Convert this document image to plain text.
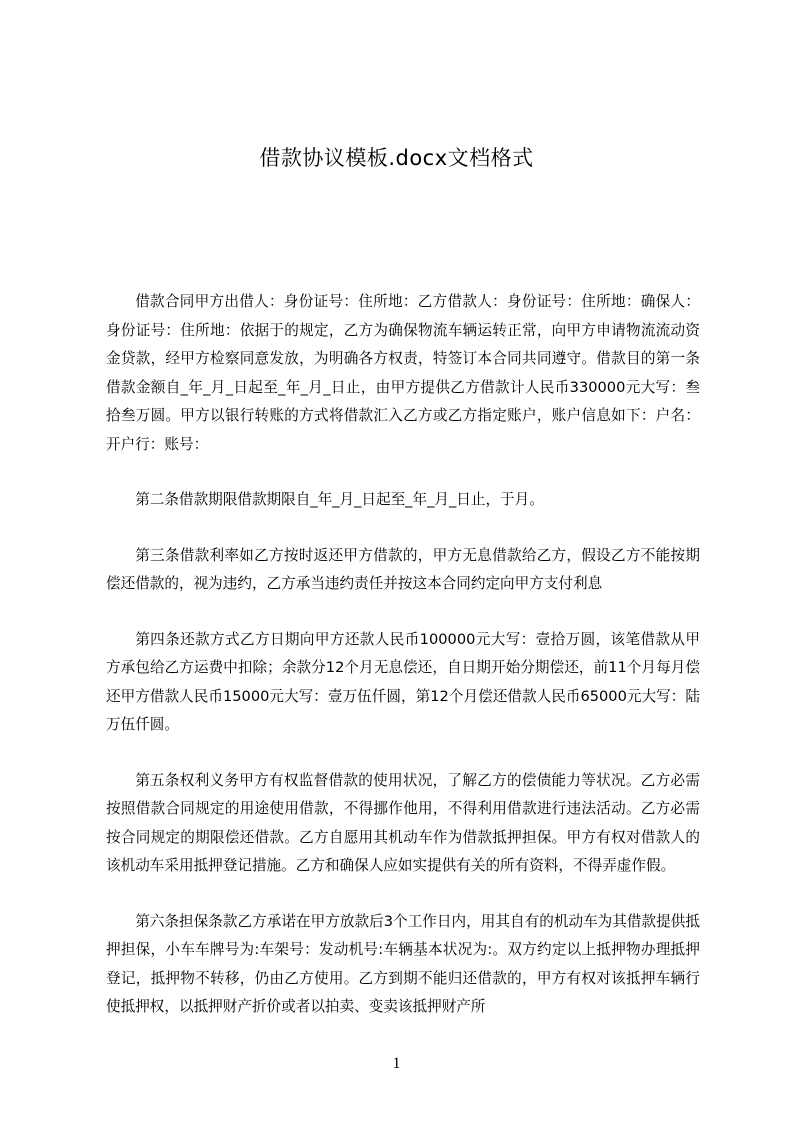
借款协议模板.docx文档格式

借款合同甲方出借人：身份证号：住所地：乙方借款人：身份证号：住所地：确保人：身份证号：住所地：依据于的规定，乙方为确保物流车辆运转正常，向甲方申请物流流动资金贷款，经甲方检察同意发放，为明确各方权责，特签订本合同共同遵守。借款目的第一条借款金额自_年_月_日起至_年_月_日止，由甲方提供乙方借款计人民币330000元大写：叁拾叁万圆。甲方以银行转账的方式将借款汇入乙方或乙方指定账户，账户信息如下：户名：开户行：账号：

第二条借款期限借款期限自_年_月_日起至_年_月_日止，于月。

第三条借款利率如乙方按时返还甲方借款的，甲方无息借款给乙方，假设乙方不能按期偿还借款的，视为违约，乙方承当违约责任并按这本合同约定向甲方支付利息

第四条还款方式乙方日期向甲方还款人民币100000元大写：壹拾万圆，该笔借款从甲方承包给乙方运费中扣除；余款分12个月无息偿还，自日期开始分期偿还，前11个月每月偿还甲方借款人民币15000元大写：壹万伍仟圆，第12个月偿还借款人民币65000元大写：陆万伍仟圆。

第五条权利义务甲方有权监督借款的使用状况，了解乙方的偿债能力等状况。乙方必需按照借款合同规定的用途使用借款，不得挪作他用，不得利用借款进行违法活动。乙方必需按合同规定的期限偿还借款。乙方自愿用其机动车作为借款抵押担保。甲方有权对借款人的该机动车采用抵押登记措施。乙方和确保人应如实提供有关的所有资料，不得弄虚作假。

第六条担保条款乙方承诺在甲方放款后3个工作日内，用其自有的机动车为其借款提供抵押担保，小车车牌号为:车架号：发动机号:车辆基本状况为:。双方约定以上抵押物办理抵押登记，抵押物不转移，仍由乙方使用。乙方到期不能归还借款的，甲方有权对该抵押车辆行使抵押权，以抵押财产折价或者以拍卖、变卖该抵押财产所

1
